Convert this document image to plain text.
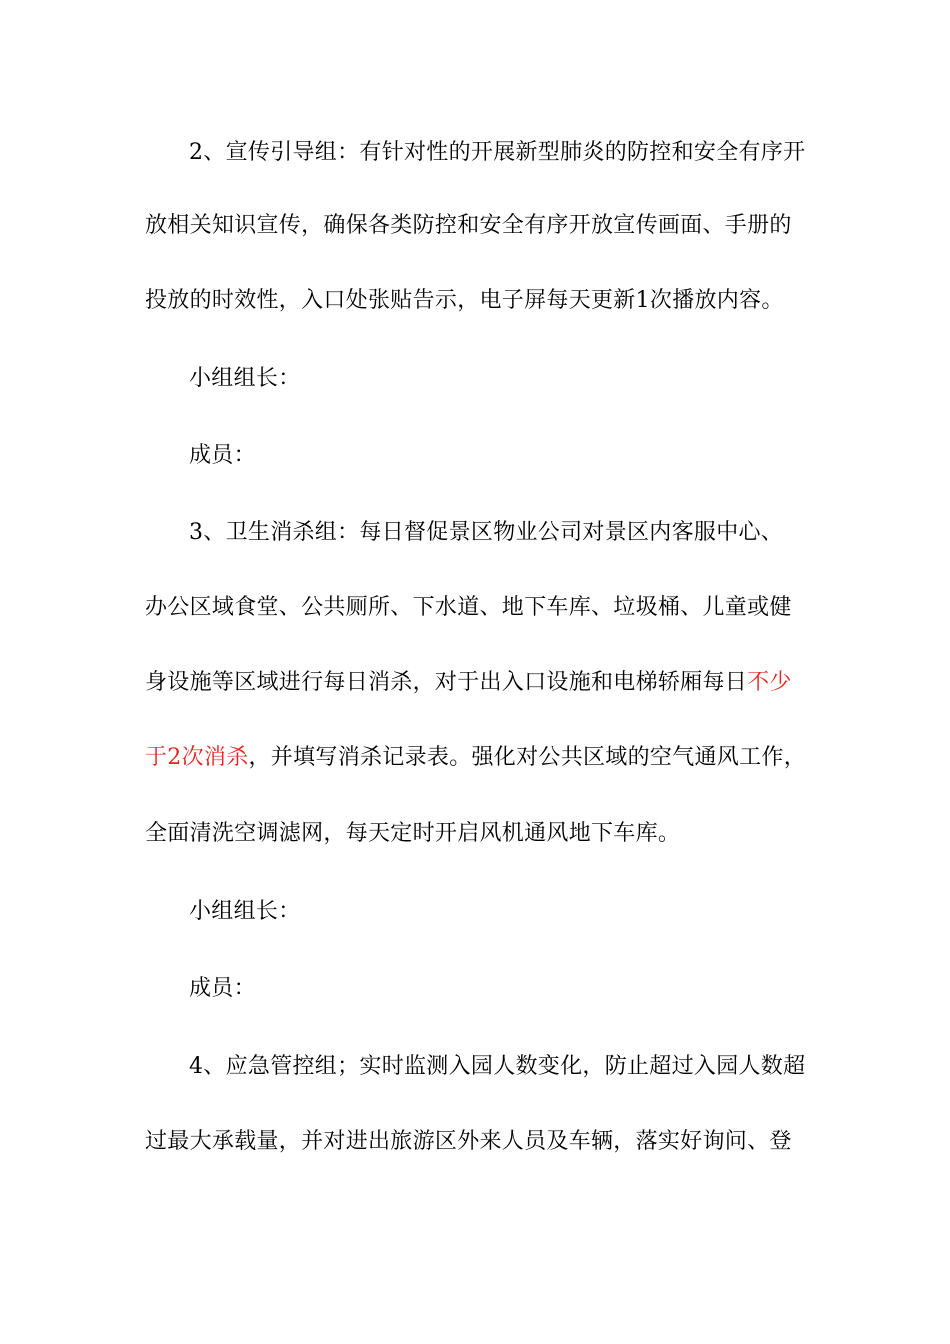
2、宣传引导组：有针对性的开展新型肺炎的防控和安全有序开
放相关知识宣传，确保各类防控和安全有序开放宣传画面、手册的
投放的时效性，入口处张贴告示，电子屏每天更新1次播放内容。
小组组长：
成员：
3、卫生消杀组：每日督促景区物业公司对景区内客服中心、
办公区域食堂、公共厕所、下水道、地下车库、垃圾桶、儿童或健
身设施等区域进行每日消杀，对于出入口设施和电梯轿厢每日不少
于2次消杀，并填写消杀记录表。强化对公共区域的空气通风工作，
全面清洗空调滤网，每天定时开启风机通风地下车库。
小组组长：
成员：
4、应急管控组；实时监测入园人数变化，防止超过入园人数超
过最大承载量，并对进出旅游区外来人员及车辆，落实好询问、登
